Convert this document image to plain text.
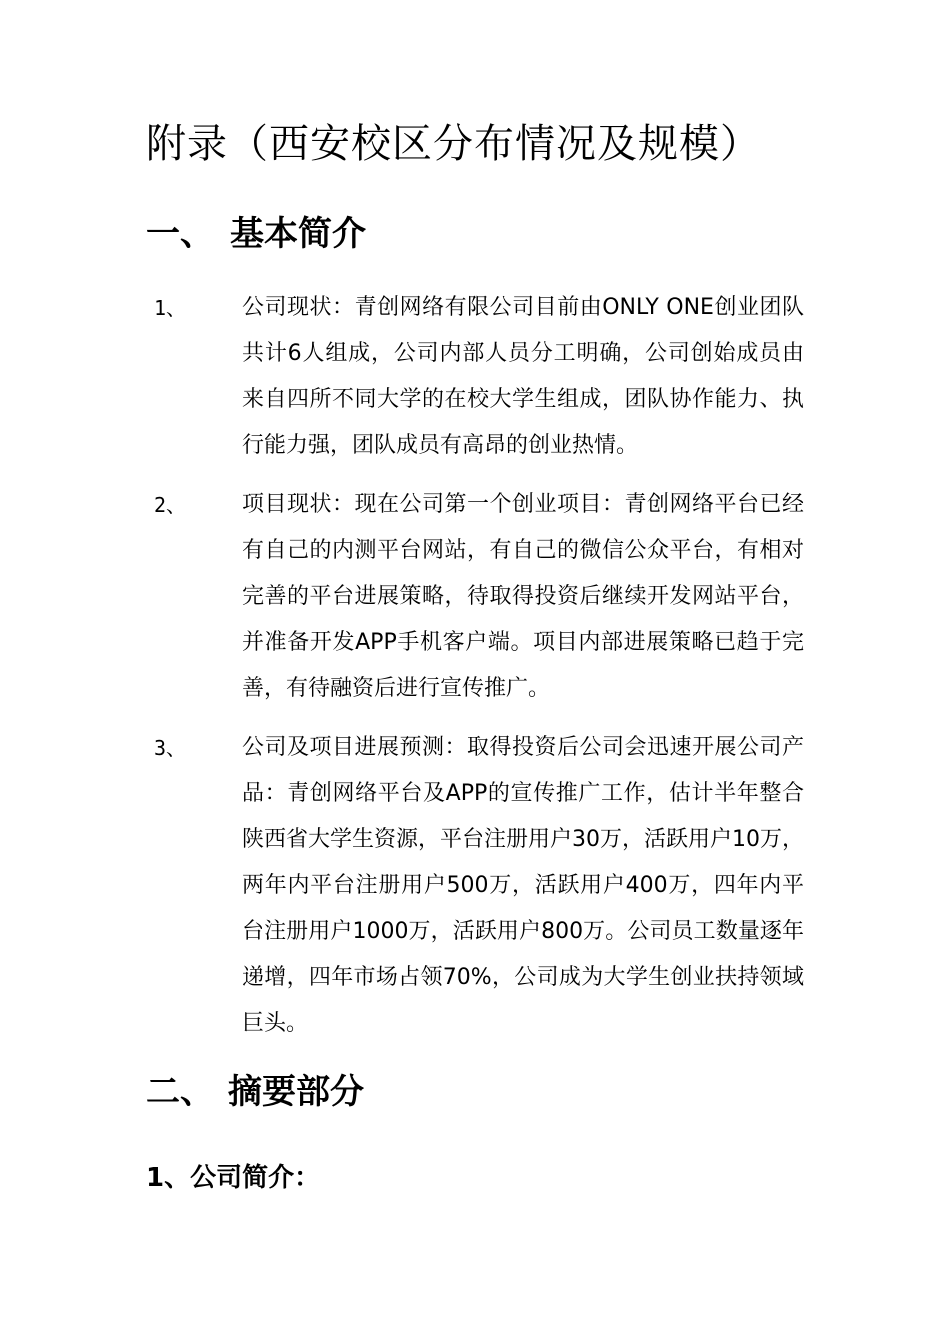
附录（西安校区分布情况及规模）
一、 基本简介
1、	公司现状：青创网络有限公司目前由ONLY ONE创业团队共计6人组成，公司内部人员分工明确，公司创始成员由来自四所不同大学的在校大学生组成，团队协作能力、执行能力强，团队成员有高昂的创业热情。
2、	项目现状：现在公司第一个创业项目：青创网络平台已经有自己的内测平台网站，有自己的微信公众平台，有相对完善的平台进展策略，待取得投资后继续开发网站平台，并准备开发APP手机客户端。项目内部进展策略已趋于完善，有待融资后进行宣传推广。
3、	公司及项目进展预测：取得投资后公司会迅速开展公司产品：青创网络平台及APP的宣传推广工作，估计半年整合陕西省大学生资源，平台注册用户30万，活跃用户10万，两年内平台注册用户500万，活跃用户400万，四年内平台注册用户1000万，活跃用户800万。公司员工数量逐年递增，四年市场占领70%，公司成为大学生创业扶持领域巨头。
二、 摘要部分
1、公司简介：
